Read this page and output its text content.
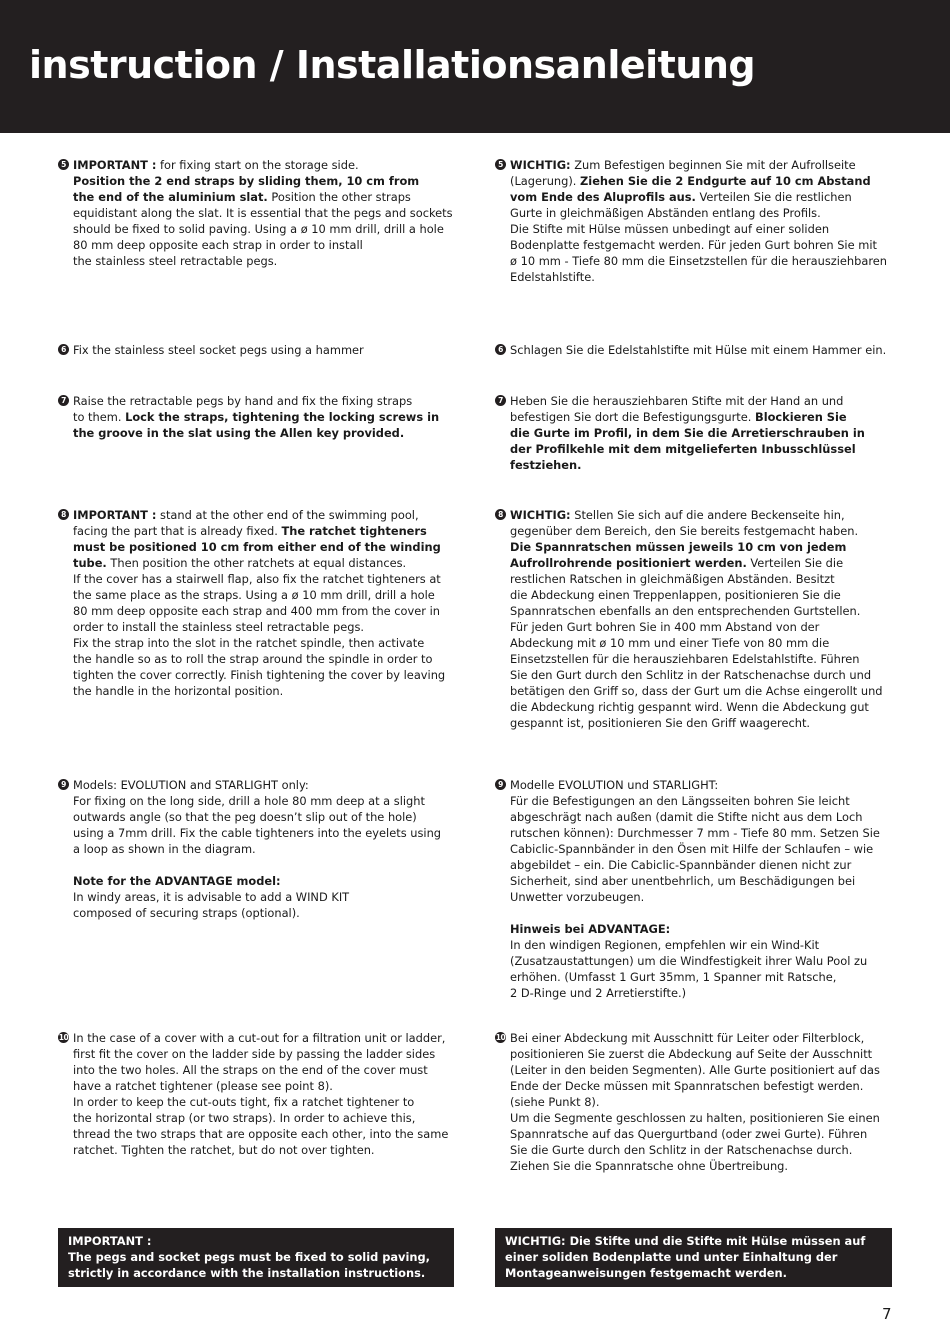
instruction / Installationsanleitung
5 IMPORTANT : for fixing start on the storage side.
Position the 2 end straps by sliding them, 10 cm from
the end of the aluminium slat. Position the other straps
equidistant along the slat. It is essential that the pegs and sockets
should be fixed to solid paving. Using a ø 10 mm drill, drill a hole
80 mm deep opposite each strap in order to install
the stainless steel retractable pegs.

5 WICHTIG: Zum Befestigen beginnen Sie mit der Aufrollseite
(Lagerung). Ziehen Sie die 2 Endgurte auf 10 cm Abstand
vom Ende des Aluprofils aus. Verteilen Sie die restlichen
Gurte in gleichmäßigen Abständen entlang des Profils.
Die Stifte mit Hülse müssen unbedingt auf einer soliden
Bodenplatte festgemacht werden. Für jeden Gurt bohren Sie mit
ø 10 mm - Tiefe 80 mm die Einsetzstellen für die herausziehbaren
Edelstahlstifte.

6 Fix the stainless steel socket pegs using a hammer	6 Schlagen Sie die Edelstahlstifte mit Hülse mit einem Hammer ein.

7 Raise the retractable pegs by hand and fix the fixing straps
to them. Lock the straps, tightening the locking screws in
the groove in the slat using the Allen key provided.

7 Heben Sie die herausziehbaren Stifte mit der Hand an und
befestigen Sie dort die Befestigungsgurte. Blockieren Sie
die Gurte im Profil, in dem Sie die Arretierschrauben in
der Profilkehle mit dem mitgelieferten Inbusschlüssel
festziehen.

8 IMPORTANT : stand at the other end of the swimming pool,
facing the part that is already fixed. The ratchet tighteners
must be positioned 10 cm from either end of the winding
tube. Then position the other ratchets at equal distances.
If the cover has a stairwell flap, also fix the ratchet tighteners at
the same place as the straps. Using a ø 10 mm drill, drill a hole
80 mm deep opposite each strap and 400 mm from the cover in
order to install the stainless steel retractable pegs.
Fix the strap into the slot in the ratchet spindle, then activate
the handle so as to roll the strap around the spindle in order to
tighten the cover correctly. Finish tightening the cover by leaving
the handle in the horizontal position.

8 WICHTIG: Stellen Sie sich auf die andere Beckenseite hin,
gegenüber dem Bereich, den Sie bereits festgemacht haben.
Die Spannratschen müssen jeweils 10 cm von jedem
Aufrollrohrende positioniert werden. Verteilen Sie die
restlichen Ratschen in gleichmäßigen Abständen. Besitzt
die Abdeckung einen Treppenlappen, positionieren Sie die
Spannratschen ebenfalls an den entsprechenden Gurtstellen.
Für jeden Gurt bohren Sie in 400 mm Abstand von der
Abdeckung mit ø 10 mm und einer Tiefe von 80 mm die
Einsetzstellen für die herausziehbaren Edelstahlstifte. Führen
Sie den Gurt durch den Schlitz in der Ratschenachse durch und
betätigen den Griff so, dass der Gurt um die Achse eingerollt und
die Abdeckung richtig gespannt wird. Wenn die Abdeckung gut
gespannt ist, positionieren Sie den Griff waagerecht.

9 Models: EVOLUTION and STARLIGHT only:
For fixing on the long side, drill a hole 80 mm deep at a slight
outwards angle (so that the peg doesn’t slip out of the hole)
using a 7mm drill. Fix the cable tighteners into the eyelets using
a loop as shown in the diagram.

Note for the ADVANTAGE model:

In windy areas, it is advisable to add a WIND KIT
composed of securing straps (optional).

9 Modelle EVOLUTION und STARLIGHT:
Für die Befestigungen an den Längsseiten bohren Sie leicht
abgeschrägt nach außen (damit die Stifte nicht aus dem Loch
rutschen können): Durchmesser 7 mm - Tiefe 80 mm. Setzen Sie
Cabiclic-Spannbänder in den Ösen mit Hilfe der Schlaufen – wie
abgebildet – ein. Die Cabiclic-Spannbänder dienen nicht zur
Sicherheit, sind aber unentbehrlich, um Beschädigungen bei
Unwetter vorzubeugen.

Hinweis bei ADVANTAGE:

In den windigen Regionen, empfehlen wir ein Wind-Kit
(Zusatzaustattungen) um die Windfestigkeit ihrer Walu Pool zu
erhöhen. (Umfasst 1 Gurt 35mm, 1 Spanner mit Ratsche,
2 D-Ringe und 2 Arretierstifte.)

10 In the case of a cover with a cut-out for a filtration unit or ladder,
first fit the cover on the ladder side by passing the ladder sides
into the two holes. All the straps on the end of the cover must
have a ratchet tightener (please see point 8).
In order to keep the cut-outs tight, fix a ratchet tightener to
the horizontal strap (or two straps). In order to achieve this,
thread the two straps that are opposite each other, into the same
ratchet. Tighten the ratchet, but do not over tighten.

10 Bei einer Abdeckung mit Ausschnitt für Leiter oder Filterblock,
positionieren Sie zuerst die Abdeckung auf Seite der Ausschnitt
(Leiter in den beiden Segmenten). Alle Gurte positioniert auf das
Ende der Decke müssen mit Spannratschen befestigt werden.
(siehe Punkt 8).
Um die Segmente geschlossen zu halten, positionieren Sie einen
Spannratsche auf das Quergurtband (oder zwei Gurte). Führen
Sie die Gurte durch den Schlitz in der Ratschenachse durch.
Ziehen Sie die Spannratsche ohne Übertreibung.

IMPORTANT :
The pegs and socket pegs must be fixed to solid paving,
strictly in accordance with the installation instructions.

WICHTIG: Die Stifte und die Stifte mit Hülse müssen auf
einer soliden Bodenplatte und unter Einhaltung der
Montageanweisungen festgemacht werden.

7
